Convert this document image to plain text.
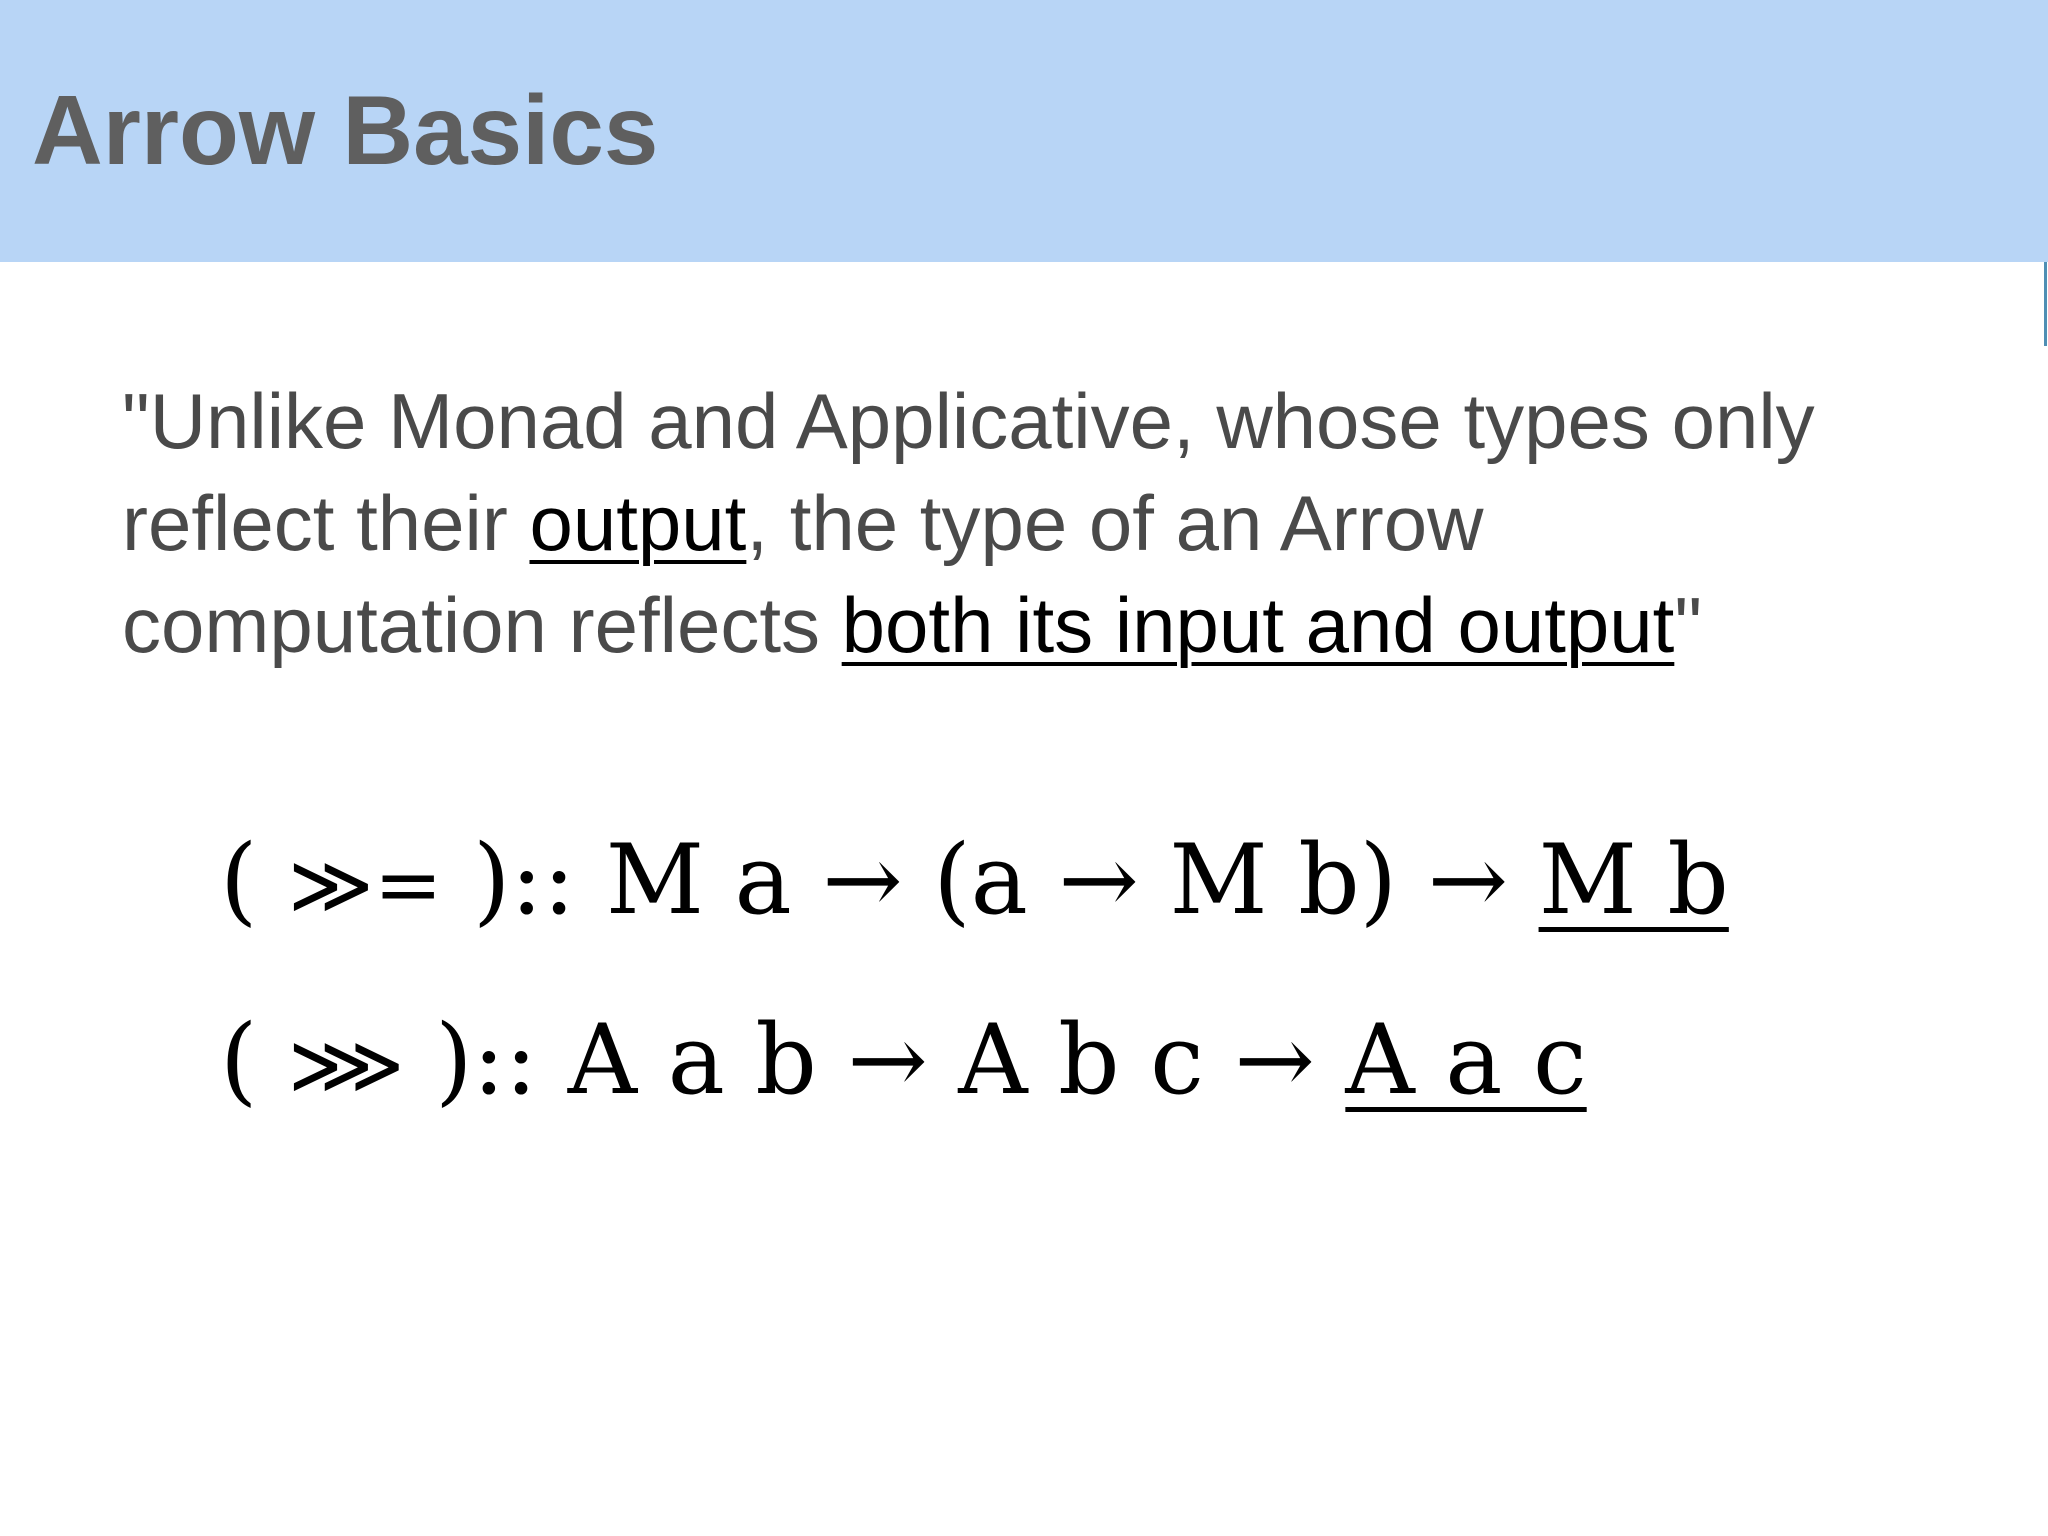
Arrow Basics

"Unlike Monad and Applicative, whose types only
reflect their output, the type of an Arrow
computation reflects both its input and output"

( ≫= ):: M a → (a → M b) → M b
( ⋙ ):: A a b → A b c → A a c
